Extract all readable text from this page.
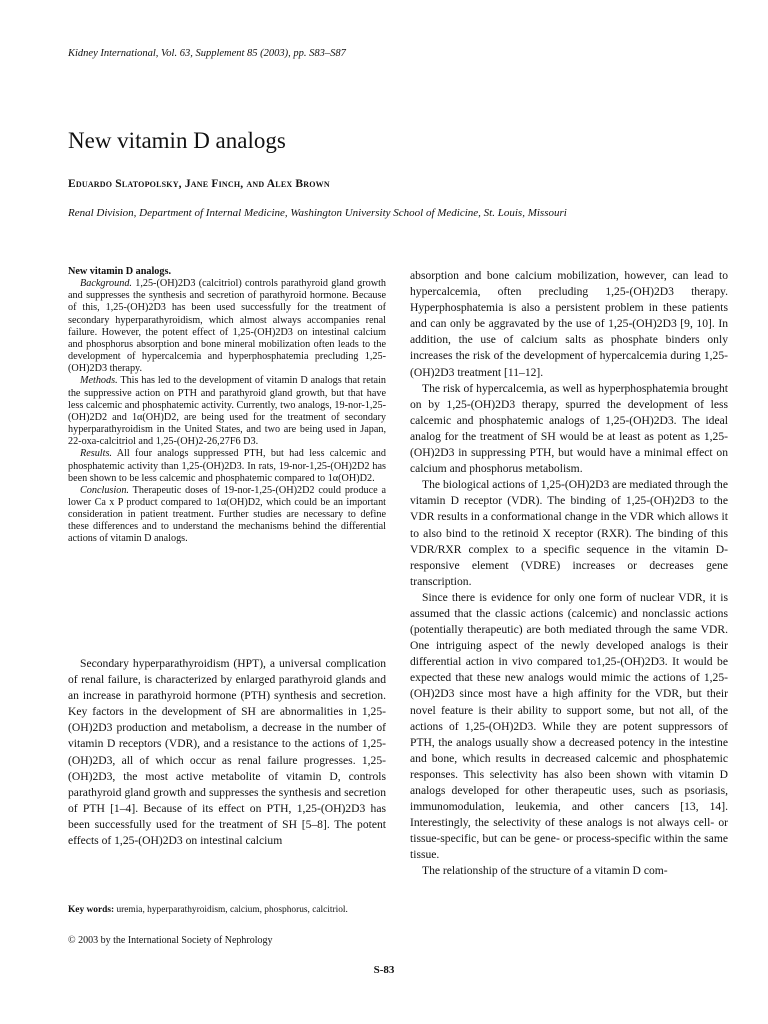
Kidney International, Vol. 63, Supplement 85 (2003), pp. S83–S87
New vitamin D analogs
Eduardo Slatopolsky, Jane Finch, and Alex Brown
Renal Division, Department of Internal Medicine, Washington University School of Medicine, St. Louis, Missouri

New vitamin D analogs.

Background. 1,25-(OH)2D3 (calcitriol) controls parathyroid gland growth and suppresses the synthesis and secretion of parathyroid hormone. Because of this, 1,25-(OH)2D3 has been used successfully for the treatment of secondary hyperparathyroidism, which almost always accompanies renal failure. However, the potent effect of 1,25-(OH)2D3 on intestinal calcium and phosphorus absorption and bone mineral mobilization often leads to the development of hypercalcemia and hyperphosphatemia precluding 1,25-(OH)2D3 therapy.

Methods. This has led to the development of vitamin D analogs that retain the suppressive action on PTH and parathyroid gland growth, but that have less calcemic and phosphatemic activity. Currently, two analogs, 19-nor-1,25-(OH)2D2 and 1α(OH)D2, are being used for the treatment of secondary hyperparathyroidism in the United States, and two are being used in Japan, 22-oxa-calcitriol and 1,25-(OH)2-26,27F6 D3.

Results. All four analogs suppressed PTH, but had less calcemic and phosphatemic activity than 1,25-(OH)2D3. In rats, 19-nor-1,25-(OH)2D2 has been shown to be less calcemic and phosphatemic compared to 1α(OH)D2.

Conclusion. Therapeutic doses of 19-nor-1,25-(OH)2D2 could produce a lower Ca x P product compared to 1α(OH)D2, which could be an important consideration in patient treatment. Further studies are necessary to define these differences and to understand the mechanisms behind the differential actions of vitamin D analogs.

Secondary hyperparathyroidism (HPT), a universal complication of renal failure, is characterized by enlarged parathyroid glands and an increase in parathyroid hormone (PTH) synthesis and secretion. Key factors in the development of SH are abnormalities in 1,25-(OH)2D3 production and metabolism, a decrease in the number of vitamin D receptors (VDR), and a resistance to the actions of 1,25-(OH)2D3, all of which occur as renal failure progresses. 1,25-(OH)2D3, the most active metabolite of vitamin D, controls parathyroid gland growth and suppresses the synthesis and secretion of PTH [1–4]. Because of its effect on PTH, 1,25-(OH)2D3 has been successfully used for the treatment of SH [5–8]. The potent effects of 1,25-(OH)2D3 on intestinal calcium

Key words: uremia, hyperparathyroidism, calcium, phosphorus, calcitriol.
© 2003 by the International Society of Nephrology

absorption and bone calcium mobilization, however, can lead to hypercalcemia, often precluding 1,25-(OH)2D3 therapy. Hyperphosphatemia is also a persistent problem in these patients and can only be aggravated by the use of 1,25-(OH)2D3 [9, 10]. In addition, the use of calcium salts as phosphate binders only increases the risk of the development of hypercalcemia during 1,25-(OH)2D3 treatment [11–12].

The risk of hypercalcemia, as well as hyperphosphatemia brought on by 1,25-(OH)2D3 therapy, spurred the development of less calcemic and phosphatemic analogs of 1,25-(OH)2D3. The ideal analog for the treatment of SH would be at least as potent as 1,25-(OH)2D3 in suppressing PTH, but would have a minimal effect on calcium and phosphorus metabolism.

The biological actions of 1,25-(OH)2D3 are mediated through the vitamin D receptor (VDR). The binding of 1,25-(OH)2D3 to the VDR results in a conformational change in the VDR which allows it to also bind to the retinoid X receptor (RXR). The binding of this VDR/RXR complex to a specific sequence in the vitamin D-responsive element (VDRE) increases or decreases gene transcription.

Since there is evidence for only one form of nuclear VDR, it is assumed that the classic actions (calcemic) and nonclassic actions (potentially therapeutic) are both mediated through the same VDR. One intriguing aspect of the newly developed analogs is their differential action in vivo compared to1,25-(OH)2D3. It would be expected that these new analogs would mimic the actions of 1,25-(OH)2D3 since most have a high affinity for the VDR, but their novel feature is their ability to support some, but not all, of the actions of 1,25-(OH)2D3. While they are potent suppressors of PTH, the analogs usually show a decreased potency in the intestine and bone, which results in decreased calcemic and phosphatemic responses. This selectivity has also been shown with vitamin D analogs developed for other therapeutic uses, such as psoriasis, immunomodulation, leukemia, and other cancers [13, 14]. Interestingly, the selectivity of these analogs is not always cell- or tissue-specific, but can be gene- or process-specific within the same tissue.

The relationship of the structure of a vitamin D com-

S-83
